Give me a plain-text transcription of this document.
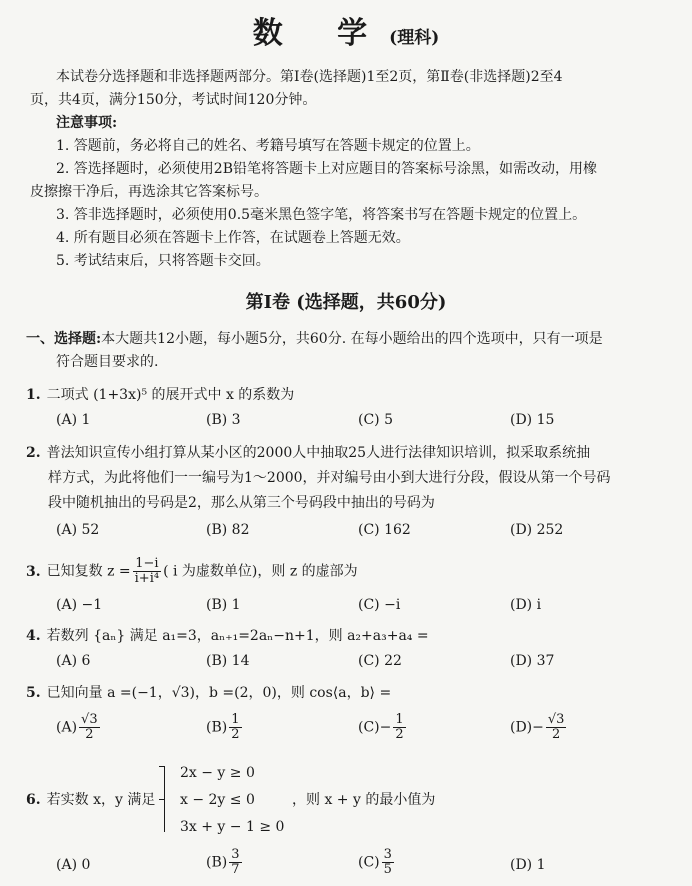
数 学(理科)
本试卷分选择题和非选择题两部分。第Ⅰ卷(选择题)1至2页，第Ⅱ卷(非选择题)2至4
页，共4页，满分150分，考试时间120分钟。
注意事项:
1. 答题前，务必将自己的姓名、考籍号填写在答题卡规定的位置上。
2. 答选择题时，必须使用2B铅笔将答题卡上对应题目的答案标号涂黑，如需改动，用橡
皮擦擦干净后，再选涂其它答案标号。
3. 答非选择题时，必须使用0.5毫米黑色签字笔，将答案书写在答题卡规定的位置上。
4. 所有题目必须在答题卡上作答，在试题卷上答题无效。
5. 考试结束后，只将答题卡交回。
第Ⅰ卷 (选择题，共60分)
一、选择题:本大题共12小题，每小题5分，共60分. 在每小题给出的四个选项中，只有一项是
符合题目要求的.
1. 二项式 (1+3x)⁵ 的展开式中 x 的系数为
(A) 1	(B) 3	(C) 5	(D) 15
2. 普法知识宣传小组打算从某小区的2000人中抽取25人进行法律知识培训，拟采取系统抽
样方式，为此将他们一一编号为1～2000，并对编号由小到大进行分段，假设从第一个号码
段中随机抽出的号码是2，那么从第三个号码段中抽出的号码为
(A) 52	(B) 82	(C) 162	(D) 252
3. 已知复数 $z = \frac{1-i}{\text{i+i⁴}}$ ( i 为虚数单位)，则 z 的虚部为
(A) −1	(B) 1	(C) −i	(D) i
4. 若数列 {aₙ} 满足 a₁=3，aₙ₊₁=2aₙ−n+1，则 a₂+a₃+a₄ =
(A) 6	(B) 14	(C) 22	(D) 37
5. 已知向量 a =(−1，√3)，b =(2，0)，则 cos⟨a，b⟩ =
$(A) \frac{√3}{2}$	$(B) \frac{1}{2}$	$(C)- \frac{1}{2}$	$(D)- \frac{√3}{2}$
6. 若实数 x，y 满足
2x − y ≥ 0
x − 2y ≤ 0
3x + y − 1 ≥ 0
，则 x + y 的最小值为
(A) 0	$(B) \frac{3}{7}$	$(C) \frac{3}{5}$	(D) 1
